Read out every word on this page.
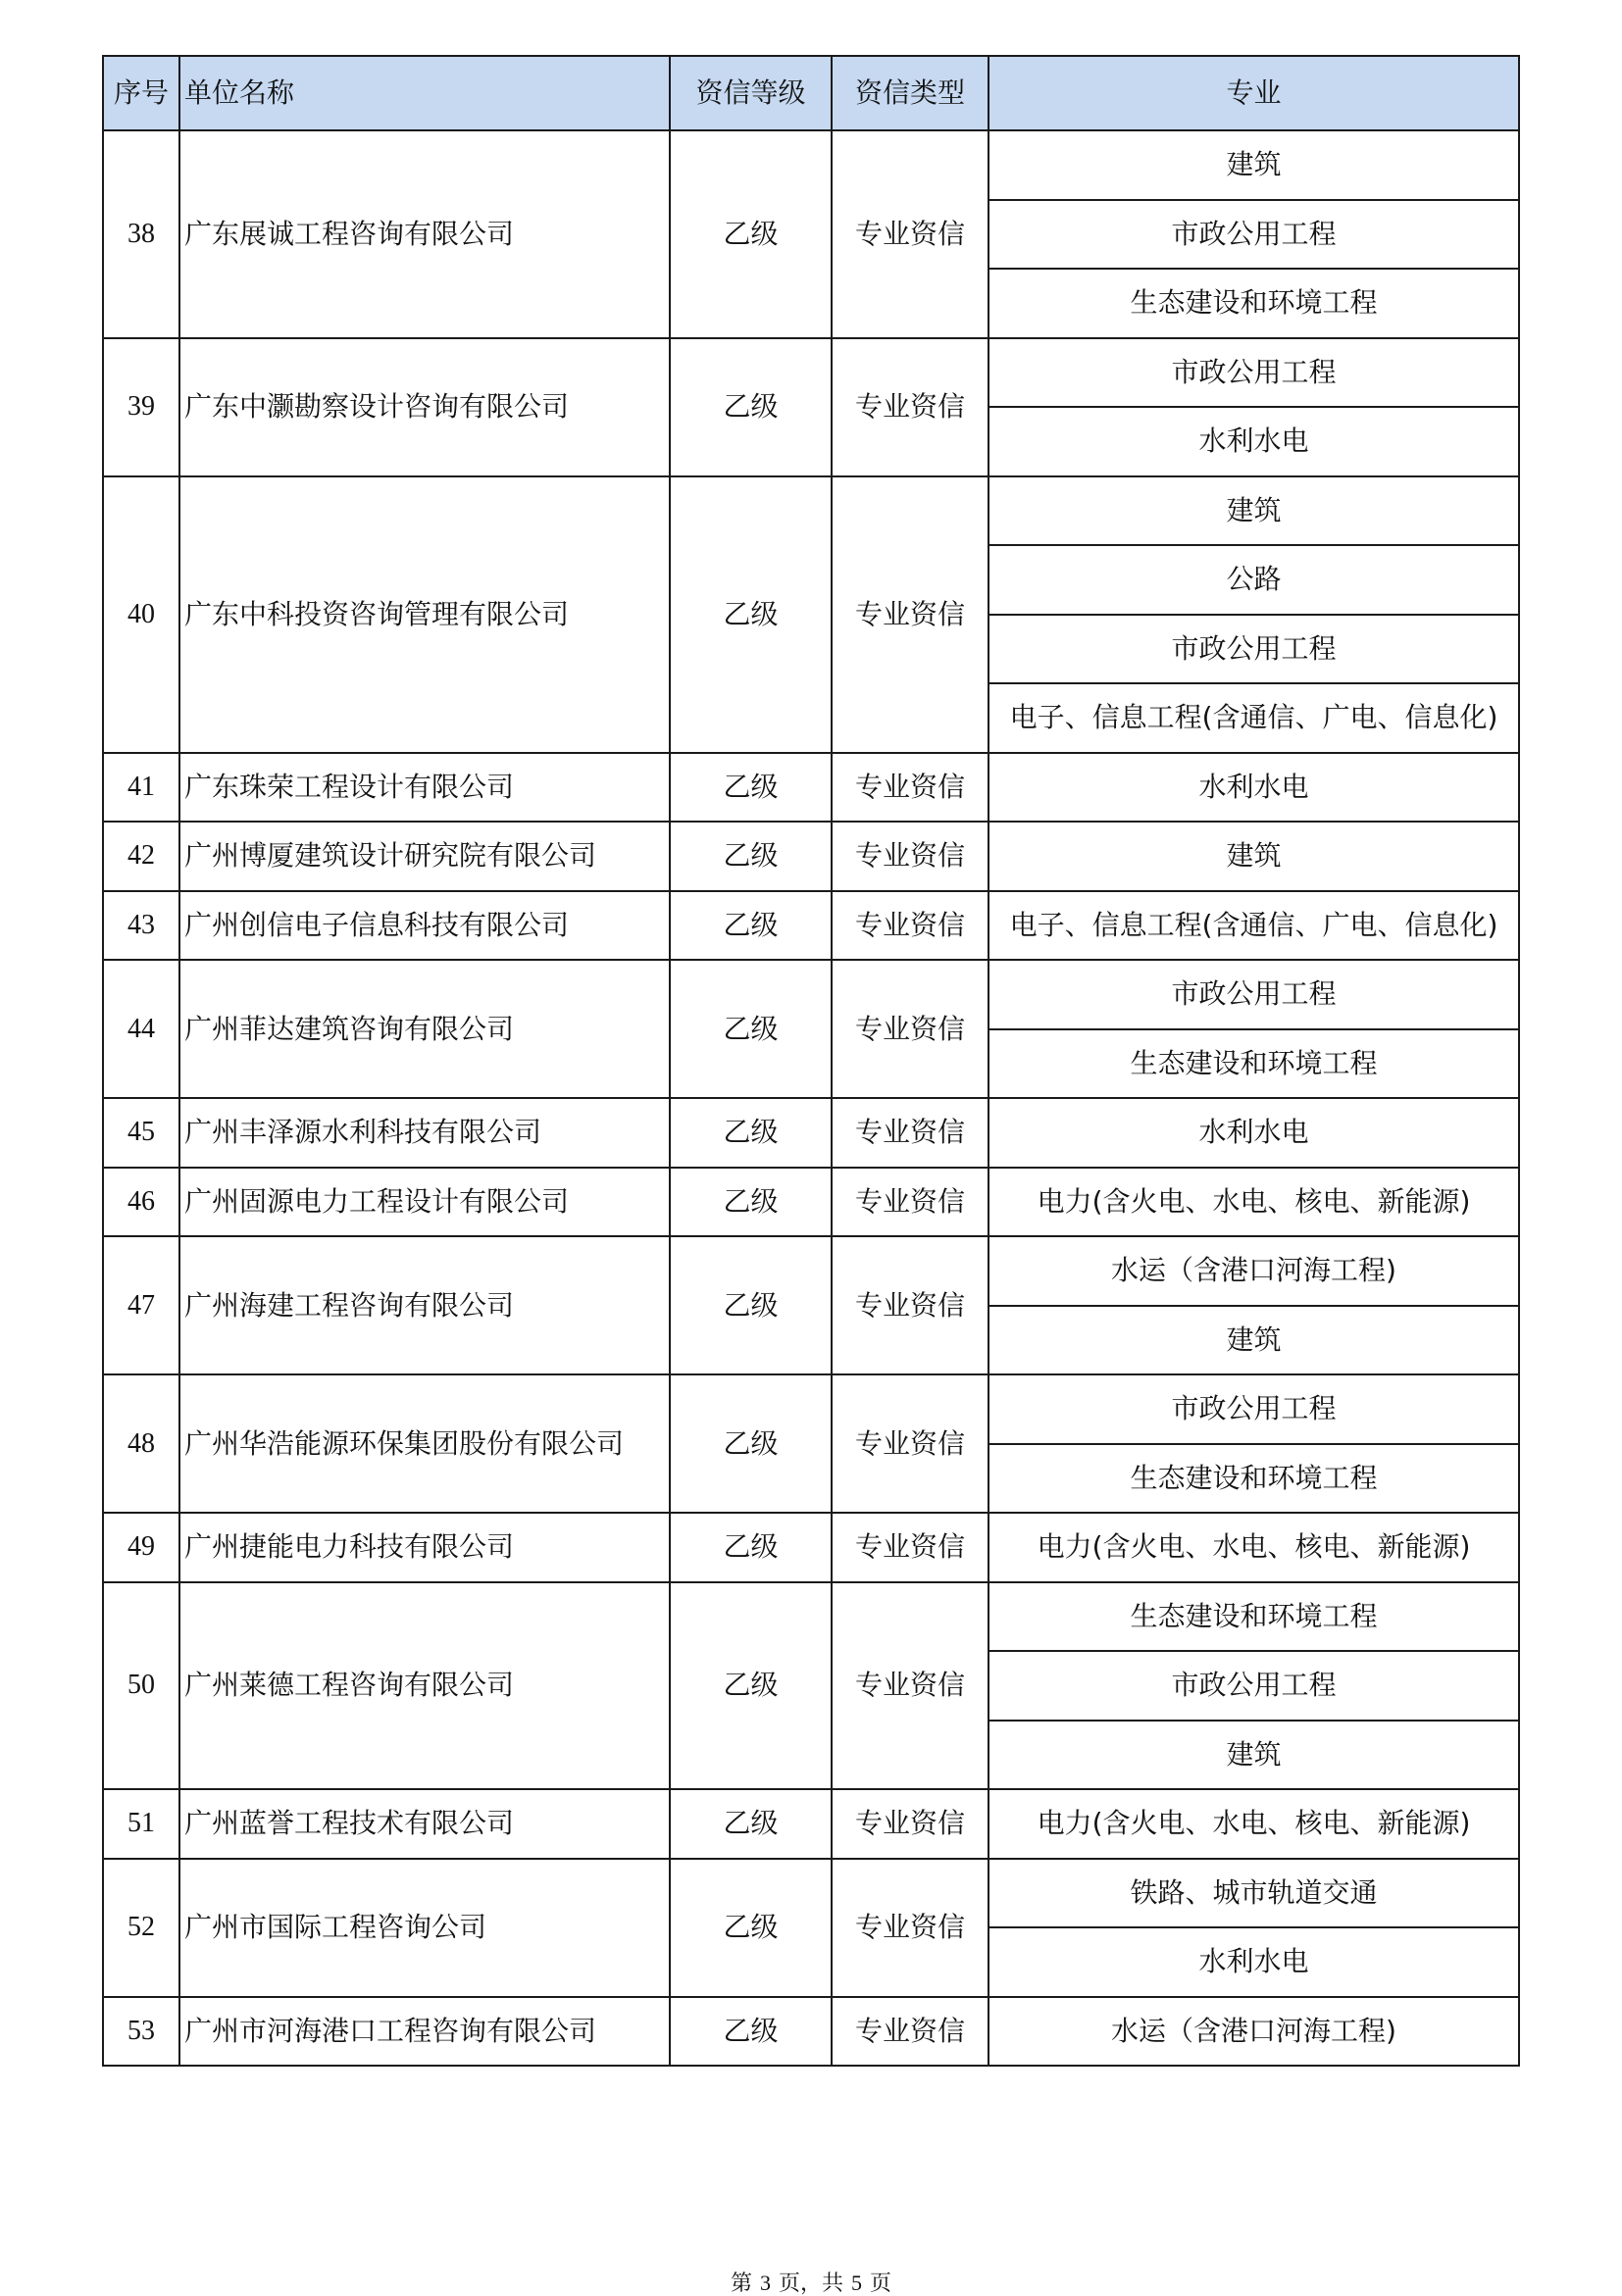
序号	单位名称	资信等级	资信类型	专业
38	广东展诚工程咨询有限公司	乙级	专业资信	建筑
				市政公用工程
				生态建设和环境工程
39	广东中灏勘察设计咨询有限公司	乙级	专业资信	市政公用工程
				水利水电
40	广东中科投资咨询管理有限公司	乙级	专业资信	建筑
				公路
				市政公用工程
				电子、信息工程(含通信、广电、信息化)
41	广东珠荣工程设计有限公司	乙级	专业资信	水利水电
42	广州博厦建筑设计研究院有限公司	乙级	专业资信	建筑
43	广州创信电子信息科技有限公司	乙级	专业资信	电子、信息工程(含通信、广电、信息化)
44	广州菲达建筑咨询有限公司	乙级	专业资信	市政公用工程
				生态建设和环境工程
45	广州丰泽源水利科技有限公司	乙级	专业资信	水利水电
46	广州固源电力工程设计有限公司	乙级	专业资信	电力(含火电、水电、核电、新能源)
47	广州海建工程咨询有限公司	乙级	专业资信	水运（含港口河海工程)
				建筑
48	广州华浩能源环保集团股份有限公司	乙级	专业资信	市政公用工程
				生态建设和环境工程
49	广州捷能电力科技有限公司	乙级	专业资信	电力(含火电、水电、核电、新能源)
50	广州莱德工程咨询有限公司	乙级	专业资信	生态建设和环境工程
				市政公用工程
				建筑
51	广州蓝誉工程技术有限公司	乙级	专业资信	电力(含火电、水电、核电、新能源)
52	广州市国际工程咨询公司	乙级	专业资信	铁路、城市轨道交通
				水利水电
53	广州市河海港口工程咨询有限公司	乙级	专业资信	水运（含港口河海工程)
第 3 页，共 5 页
